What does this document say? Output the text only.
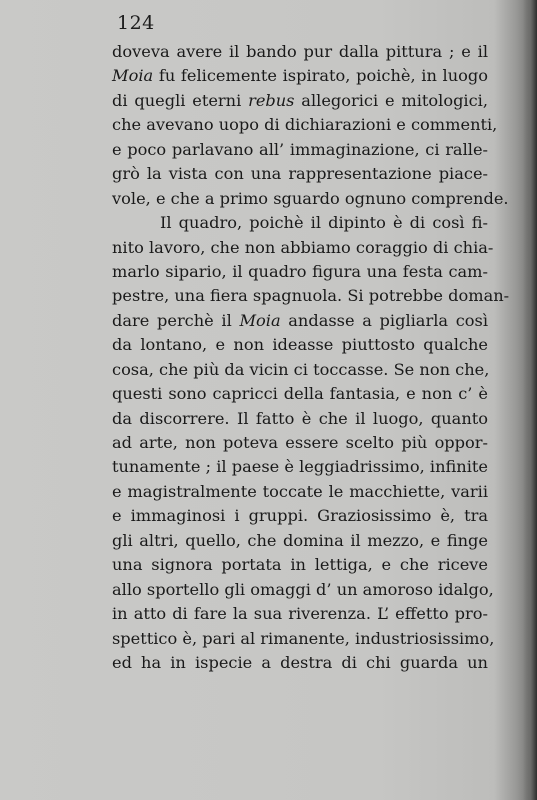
124
doveva avere il bando pur dalla pittura ; e il
Moia fu felicemente ispirato, poichè, in luogo
di quegli eterni rebus allegorici e mitologici,
che avevano uopo di dichiarazioni e commenti,
e poco parlavano all’ immaginazione, ci ralle-
grò la vista con una rappresentazione piace-
vole, e che a primo sguardo ognuno comprende.
Il quadro, poichè il dipinto è di così fi-
nito lavoro, che non abbiamo coraggio di chia-
marlo sipario, il quadro figura una festa cam-
pestre, una fiera spagnuola. Si potrebbe doman-
dare perchè il Moia andasse a pigliarla così
da lontano, e non ideasse piuttosto qualche
cosa, che più da vicin ci toccasse. Se non che,
questi sono capricci della fantasia, e non c’ è
da discorrere. Il fatto è che il luogo, quanto
ad arte, non poteva essere scelto più oppor-
tunamente ; il paese è leggiadrissimo, infinite
e magistralmente toccate le macchiette, varii
e immaginosi i gruppi. Graziosissimo è, tra
gli altri, quello, che domina il mezzo, e finge
una signora portata in lettiga, e che riceve
allo sportello gli omaggi d’ un amoroso idalgo,
in atto di fare la sua riverenza. L’ effetto pro-
spettico è, pari al rimanente, industriosissimo,
ed ha in ispecie a destra di chi guarda un
